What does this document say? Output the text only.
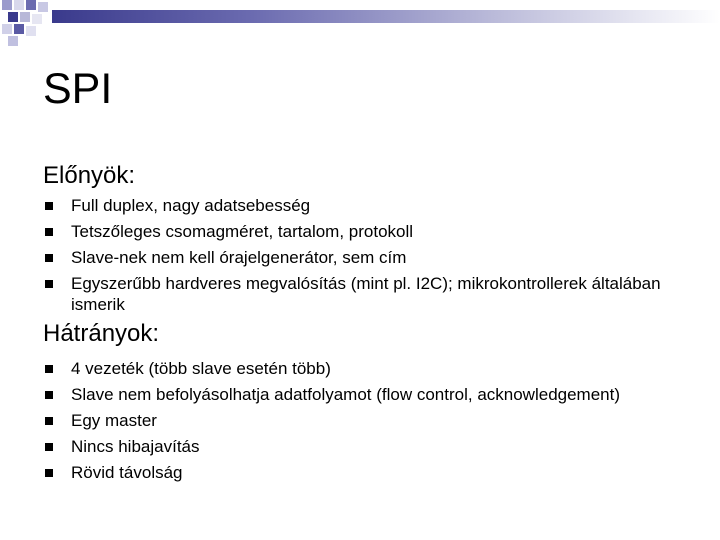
SPI
Előnyök:
Full duplex, nagy adatsebesség
Tetszőleges csomagméret, tartalom, protokoll
Slave-nek nem kell órajelgenerátor, sem cím
Egyszerűbb hardveres megvalósítás (mint pl. I2C); mikrokontrollerek általában ismerik
Hátrányok:
4 vezeték (több slave esetén több)
Slave nem befolyásolhatja adatfolyamot (flow control, acknowledgement)
Egy master
Nincs hibajavítás
Rövid távolság
